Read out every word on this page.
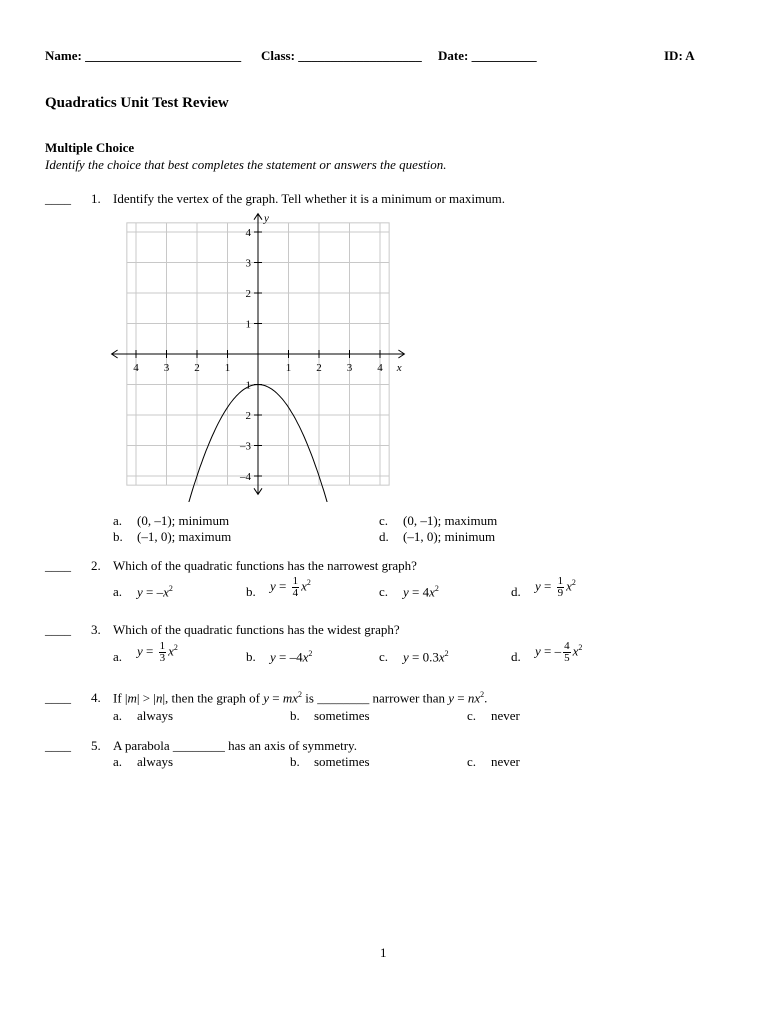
Name: ________________________ Class: ___________________ Date: __________	ID: A
Quadratics Unit Test Review
Multiple Choice
Identify the choice that best completes the statement or answers the question.
____ 1. Identify the vertex of the graph. Tell whether it is a minimum or maximum.
4 3 2 1	1 2 3 4
4
3
2
1
1
2
–3
–4
x
y
a. (0, –1); minimum
b. (–1, 0); maximum
c. (0, –1); maximum
d. (–1, 0); minimum
____ 2. Which of the quadratic functions has the narrowest graph?
a. $y = -x^2$	b. $y = \frac{1}{4} x^2$
c. $y = 4x^2$	d. $y = \frac{1}{9} x^2$
____ 3. Which of the quadratic functions has the widest graph?
a. $y = \frac{1}{3} x^2$
b. $y = -4x^2$	c. $y = 0.3x^2$	d. y = – $\frac{4}{5} x^2$
____ 4. If |m| > |n|, then the graph of $y = mx^2$ is ________ narrower than $y = nx^2$.
a. always	b. sometimes	c. never
____ 5. A parabola ________ has an axis of symmetry.
a. always	b. sometimes	c. never
1
